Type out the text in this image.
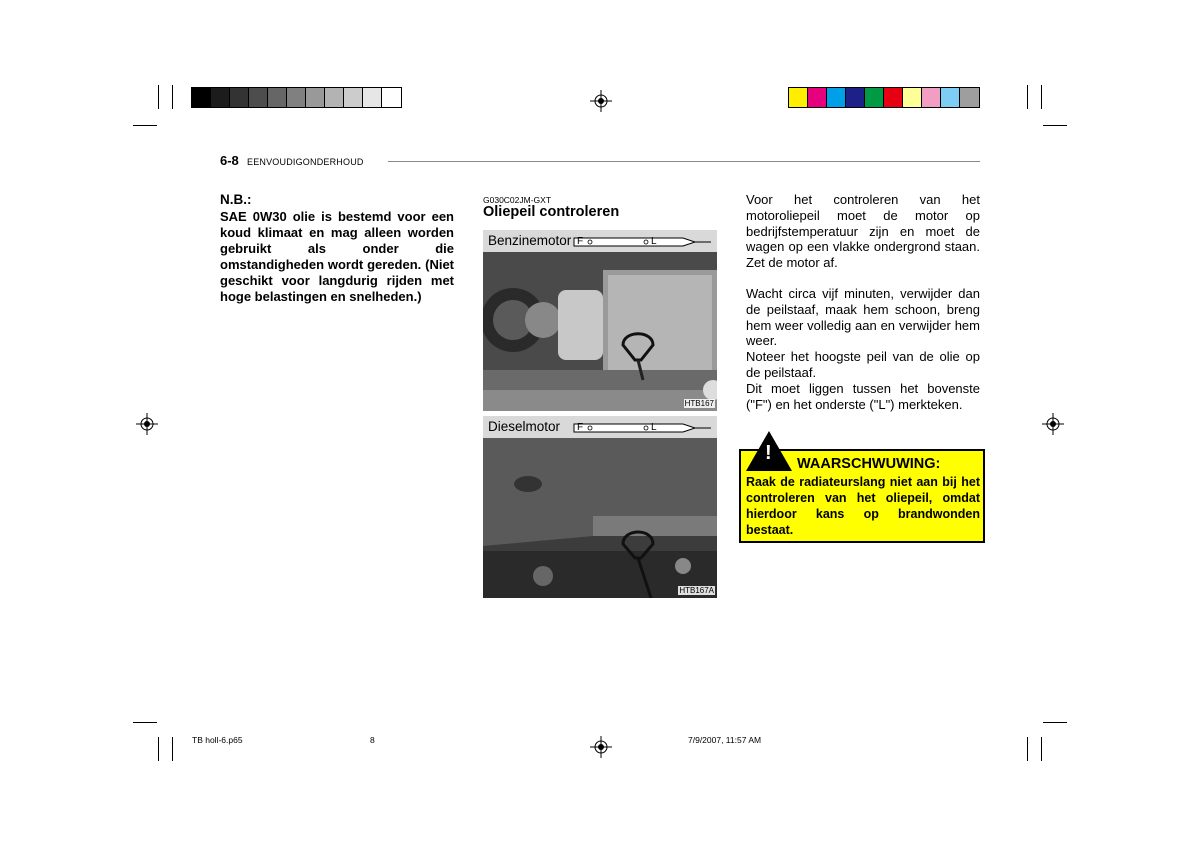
6-8 EENVOUDIGONDERHOUD
N.B.:
SAE 0W30 olie is bestemd voor een koud klimaat en mag alleen worden gebruikt als onder die omstandigheden wordt gereden. (Niet geschikt voor langdurig rijden met hoge belastingen en snelheden.)
G030C02JM-GXT
Oliepeil controleren
Benzinemotor F	L
HTB167
Dieselmotor F	L
HTB167A
Voor het controleren van het motoroliepeil moet de motor op bedrijfstemperatuur zijn en moet de wagen op een vlakke ondergrond staan. Zet de motor af.
Wacht circa vijf minuten, verwijder dan de peilstaaf, maak hem schoon, breng hem weer volledig aan en verwijder hem weer.
Noteer het hoogste peil van de olie op de peilstaaf.
Dit moet liggen tussen het bovenste ("F") en het onderste ("L") merkteken.
! WAARSCHWUWING:
Raak de radiateurslang niet aan bij het controleren van het oliepeil, omdat hierdoor kans op brandwonden bestaat.
TB holl-6.p65	8	7/9/2007, 11:57 AM
